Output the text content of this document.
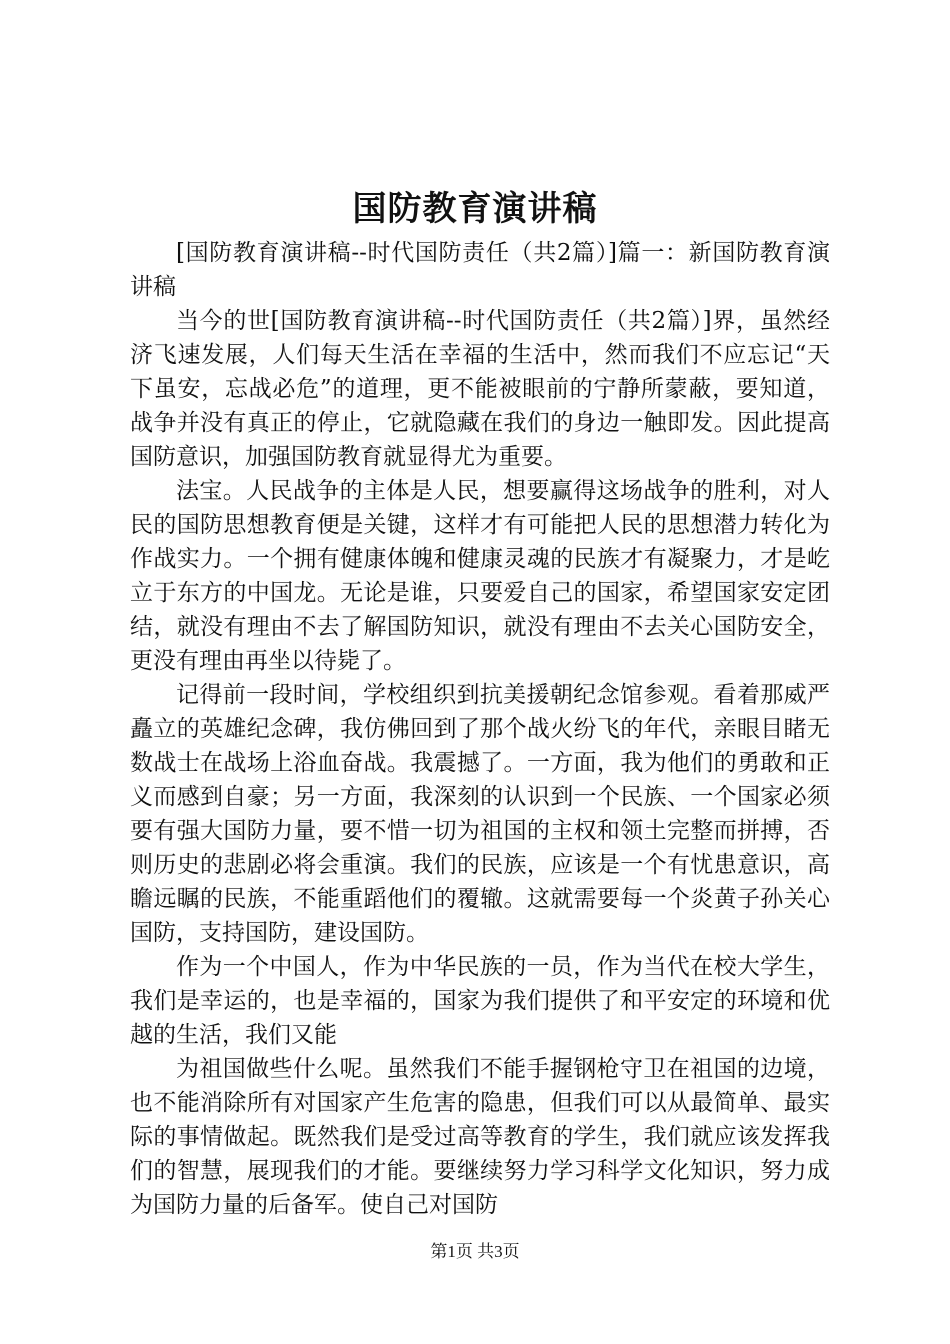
国防教育演讲稿

[国防教育演讲稿--时代国防责任（共2篇）]篇一：新国防教育演讲稿

当今的世[国防教育演讲稿--时代国防责任（共2篇）]界，虽然经济飞速发展，人们每天生活在幸福的生活中，然而我们不应忘记“天下虽安，忘战必危”的道理，更不能被眼前的宁静所蒙蔽，要知道，战争并没有真正的停止，它就隐藏在我们的身边一触即发。因此提高国防意识，加强国防教育就显得尤为重要。

法宝。人民战争的主体是人民，想要赢得这场战争的胜利，对人民的国防思想教育便是关键，这样才有可能把人民的思想潜力转化为作战实力。一个拥有健康体魄和健康灵魂的民族才有凝聚力，才是屹立于东方的中国龙。无论是谁，只要爱自己的国家，希望国家安定团结，就没有理由不去了解国防知识，就没有理由不去关心国防安全，更没有理由再坐以待毙了。

记得前一段时间，学校组织到抗美援朝纪念馆参观。看着那威严矗立的英雄纪念碑，我仿佛回到了那个战火纷飞的年代，亲眼目睹无数战士在战场上浴血奋战。我震撼了。一方面，我为他们的勇敢和正义而感到自豪；另一方面，我深刻的认识到一个民族、一个国家必须要有强大国防力量，要不惜一切为祖国的主权和领土完整而拼搏，否则历史的悲剧必将会重演。我们的民族，应该是一个有忧患意识，高瞻远瞩的民族，不能重蹈他们的覆辙。这就需要每一个炎黄子孙关心国防，支持国防，建设国防。

作为一个中国人，作为中华民族的一员，作为当代在校大学生，我们是幸运的，也是幸福的，国家为我们提供了和平安定的环境和优越的生活，我们又能

为祖国做些什么呢。虽然我们不能手握钢枪守卫在祖国的边境，也不能消除所有对国家产生危害的隐患，但我们可以从最简单、最实际的事情做起。既然我们是受过高等教育的学生，我们就应该发挥我们的智慧，展现我们的才能。要继续努力学习科学文化知识，努力成为国防力量的后备军。使自己对国防

第1页 共3页
